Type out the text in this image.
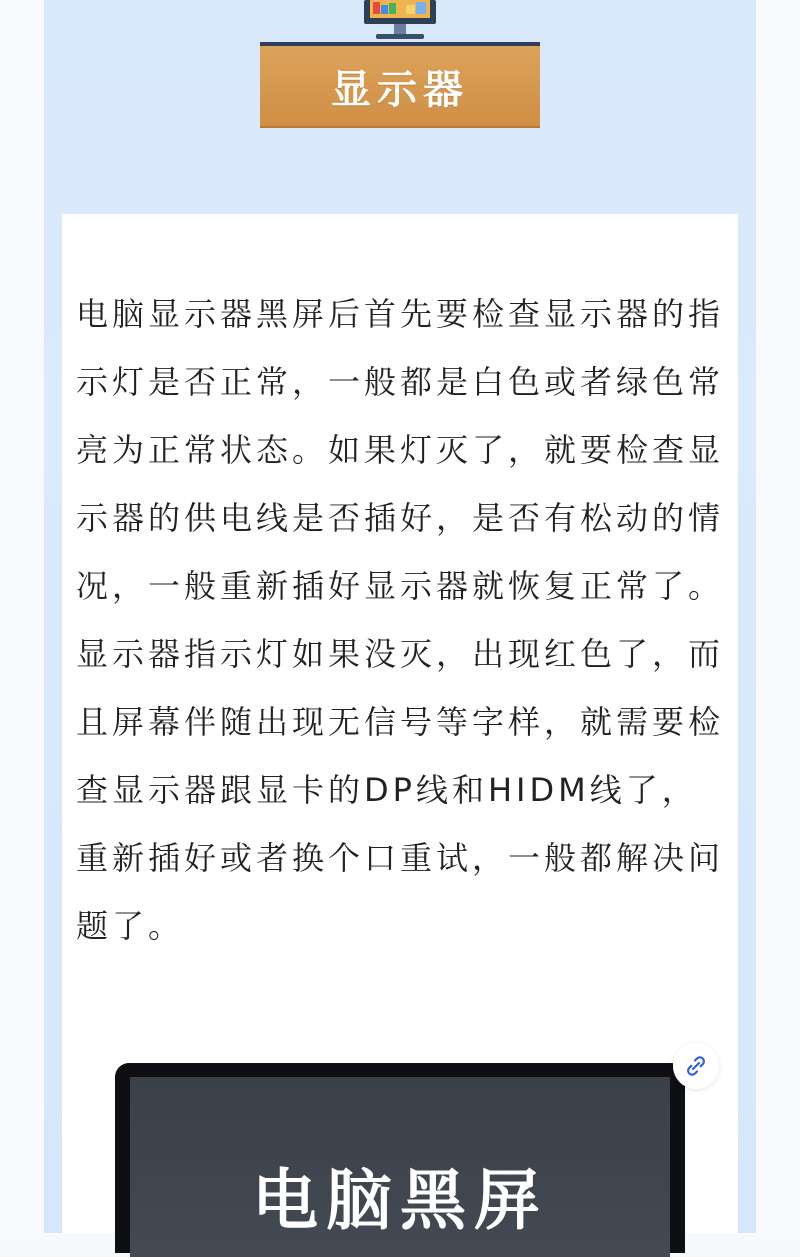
显示器

电脑显示器黑屏后首先要检查显示器的指示灯是否正常，一般都是白色或者绿色常亮为正常状态。如果灯灭了，就要检查显示器的供电线是否插好，是否有松动的情况，一般重新插好显示器就恢复正常了。显示器指示灯如果没灭，出现红色了，而且屏幕伴随出现无信号等字样，就需要检查显示器跟显卡的DP线和HIDM线了，重新插好或者换个口重试，一般都解决问题了。

电脑黑屏
